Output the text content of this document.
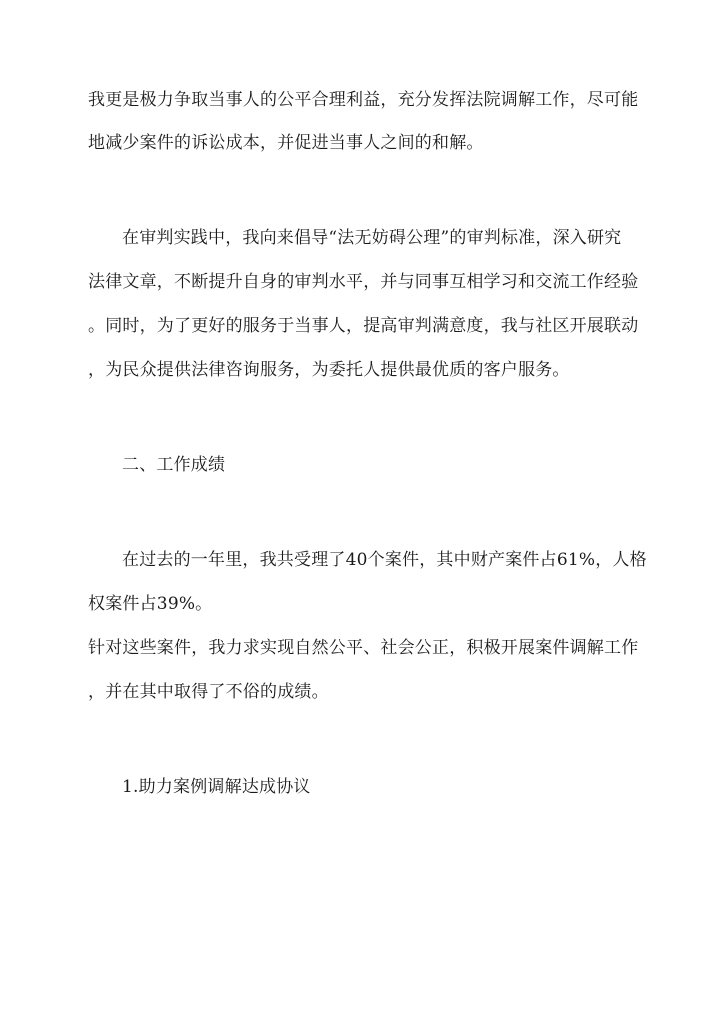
我更是极力争取当事人的公平合理利益，充分发挥法院调解工作，尽可能
地减少案件的诉讼成本，并促进当事人之间的和解。
在审判实践中，我向来倡导“法无妨碍公理”的审判标准，深入研究
法律文章，不断提升自身的审判水平，并与同事互相学习和交流工作经验
。同时，为了更好的服务于当事人，提高审判满意度，我与社区开展联动
，为民众提供法律咨询服务，为委托人提供最优质的客户服务。
二、工作成绩
在过去的一年里，我共受理了40个案件，其中财产案件占61%，人格
权案件占39%。
针对这些案件，我力求实现自然公平、社会公正，积极开展案件调解工作
，并在其中取得了不俗的成绩。
1.助力案例调解达成协议
